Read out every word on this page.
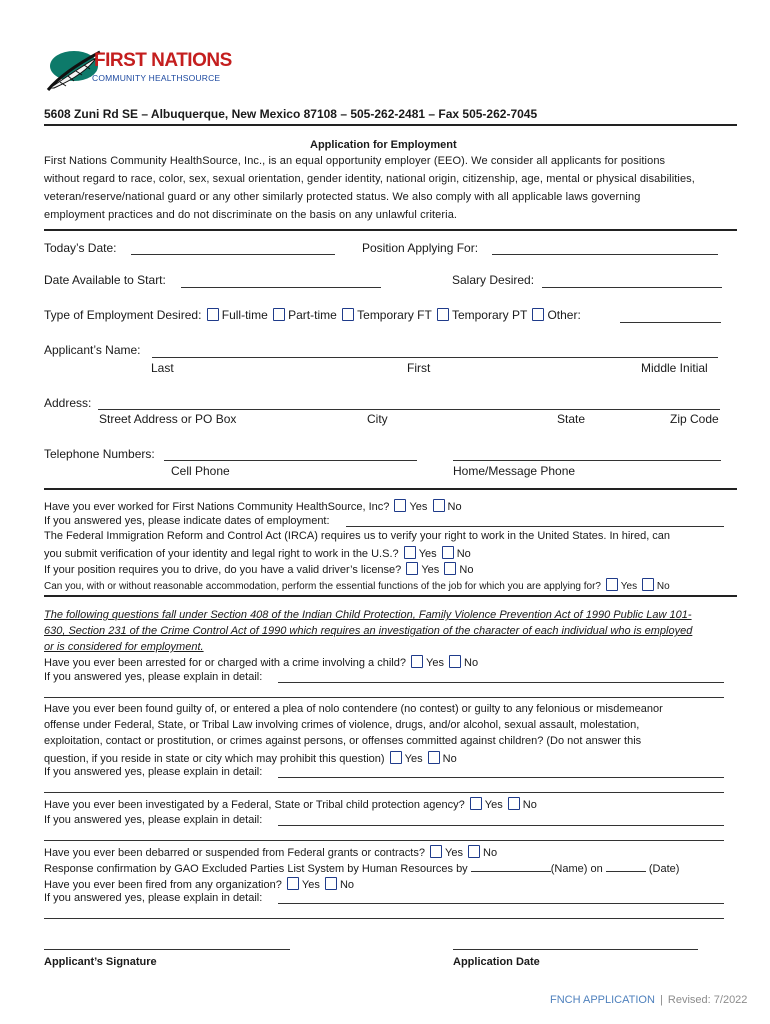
FIRST NATIONS
COMMUNITY HEALTHSOURCE
5608 Zuni Rd SE – Albuquerque, New Mexico 87108 – 505-262-2481 – Fax 505-262-7045
Application for Employment
First Nations Community HealthSource, Inc., is an equal opportunity employer (EEO). We consider all applicants for positions
without regard to race, color, sex, sexual orientation, gender identity, national origin, citizenship, age, mental or physical disabilities,
veteran/reserve/national guard or any other similarly protected status. We also comply with all applicable laws governing
employment practices and do not discriminate on the basis on any unlawful criteria.
Today’s Date:	Position Applying For:
Date Available to Start:	Salary Desired:
Type of Employment Desired: Full-time Part-time Temporary FT Temporary PT Other:
Applicant’s Name:
Last	First	Middle Initial
Address:
Street Address or PO Box	City	State	Zip Code
Telephone Numbers:
Cell Phone	Home/Message Phone
Have you ever worked for First Nations Community HealthSource, Inc? Yes No
If you answered yes, please indicate dates of employment:
The Federal Immigration Reform and Control Act (IRCA) requires us to verify your right to work in the United States. In hired, can
you submit verification of your identity and legal right to work in the U.S.? Yes No
If your position requires you to drive, do you have a valid driver’s license? Yes No
Can you, with or without reasonable accommodation, perform the essential functions of the job for which you are applying for? Yes No
The following questions fall under Section 408 of the Indian Child Protection, Family Violence Prevention Act of 1990 Public Law 101-
630, Section 231 of the Crime Control Act of 1990 which requires an investigation of the character of each individual who is employed
or is considered for employment.
Have you ever been arrested for or charged with a crime involving a child? Yes No
If you answered yes, please explain in detail:
Have you ever been found guilty of, or entered a plea of nolo contendere (no contest) or guilty to any felonious or misdemeanor
offense under Federal, State, or Tribal Law involving crimes of violence, drugs, and/or alcohol, sexual assault, molestation,
exploitation, contact or prostitution, or crimes against persons, or offenses committed against children? (Do not answer this
question, if you reside in state or city which may prohibit this question) Yes No
If you answered yes, please explain in detail:
Have you ever been investigated by a Federal, State or Tribal child protection agency? Yes No
If you answered yes, please explain in detail:
Have you ever been debarred or suspended from Federal grants or contracts? Yes No
Response confirmation by GAO Excluded Parties List System by Human Resources by	(Name) on	(Date)
Have you ever been fired from any organization? Yes No
If you answered yes, please explain in detail:
Applicant’s Signature	Application Date
FNCH APPLICATION | Revised: 7/2022
